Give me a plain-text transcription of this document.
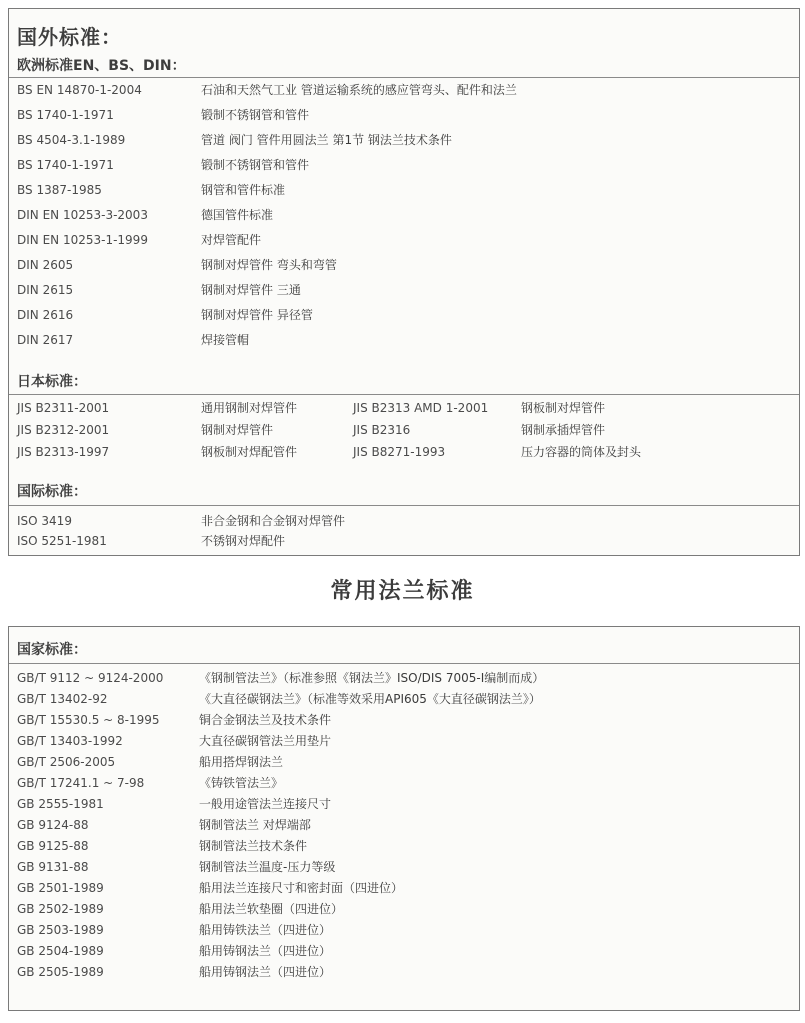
国外标准：
欧洲标准EN、BS、DIN：
BS EN 14870-1-2004	石油和天然气工业 管道运输系统的感应管弯头、配件和法兰
BS 1740-1-1971	锻制不锈钢管和管件
BS 4504-3.1-1989	管道 阀门 管件用圆法兰 第1节 钢法兰技术条件
BS 1740-1-1971	锻制不锈钢管和管件
BS 1387-1985	钢管和管件标准
DIN EN 10253-3-2003	德国管件标准
DIN EN 10253-1-1999	对焊管配件
DIN 2605	钢制对焊管件 弯头和弯管
DIN 2615	钢制对焊管件 三通
DIN 2616	钢制对焊管件 异径管
DIN 2617	焊接管帽
日本标准：
JIS B2311-2001	通用钢制对焊管件	JIS B2313 AMD 1-2001	钢板制对焊管件
JIS B2312-2001	钢制对焊管件	JIS B2316	钢制承插焊管件
JIS B2313-1997	钢板制对焊配管件	JIS B8271-1993	压力容器的筒体及封头
国际标准：
ISO 3419	非合金钢和合金钢对焊管件
ISO 5251-1981	不锈钢对焊配件
常用法兰标准
国家标准：
GB/T 9112 ~ 9124-2000	《钢制管法兰》（标准参照《钢法兰》ISO/DIS 7005-I编制而成）
GB/T 13402-92	《大直径碳钢法兰》（标准等效采用API605《大直径碳钢法兰》）
GB/T 15530.5 ~ 8-1995	铜合金钢法兰及技术条件
GB/T 13403-1992	大直径碳钢管法兰用垫片
GB/T 2506-2005	船用搭焊钢法兰
GB/T 17241.1 ~ 7-98	《铸铁管法兰》
GB 2555-1981	一般用途管法兰连接尺寸
GB 9124-88	钢制管法兰 对焊端部
GB 9125-88	钢制管法兰技术条件
GB 9131-88	钢制管法兰温度-压力等级
GB 2501-1989	船用法兰连接尺寸和密封面（四进位）
GB 2502-1989	船用法兰软垫圈（四进位）
GB 2503-1989	船用铸铁法兰（四进位）
GB 2504-1989	船用铸钢法兰（四进位）
GB 2505-1989	船用铸钢法兰（四进位）
